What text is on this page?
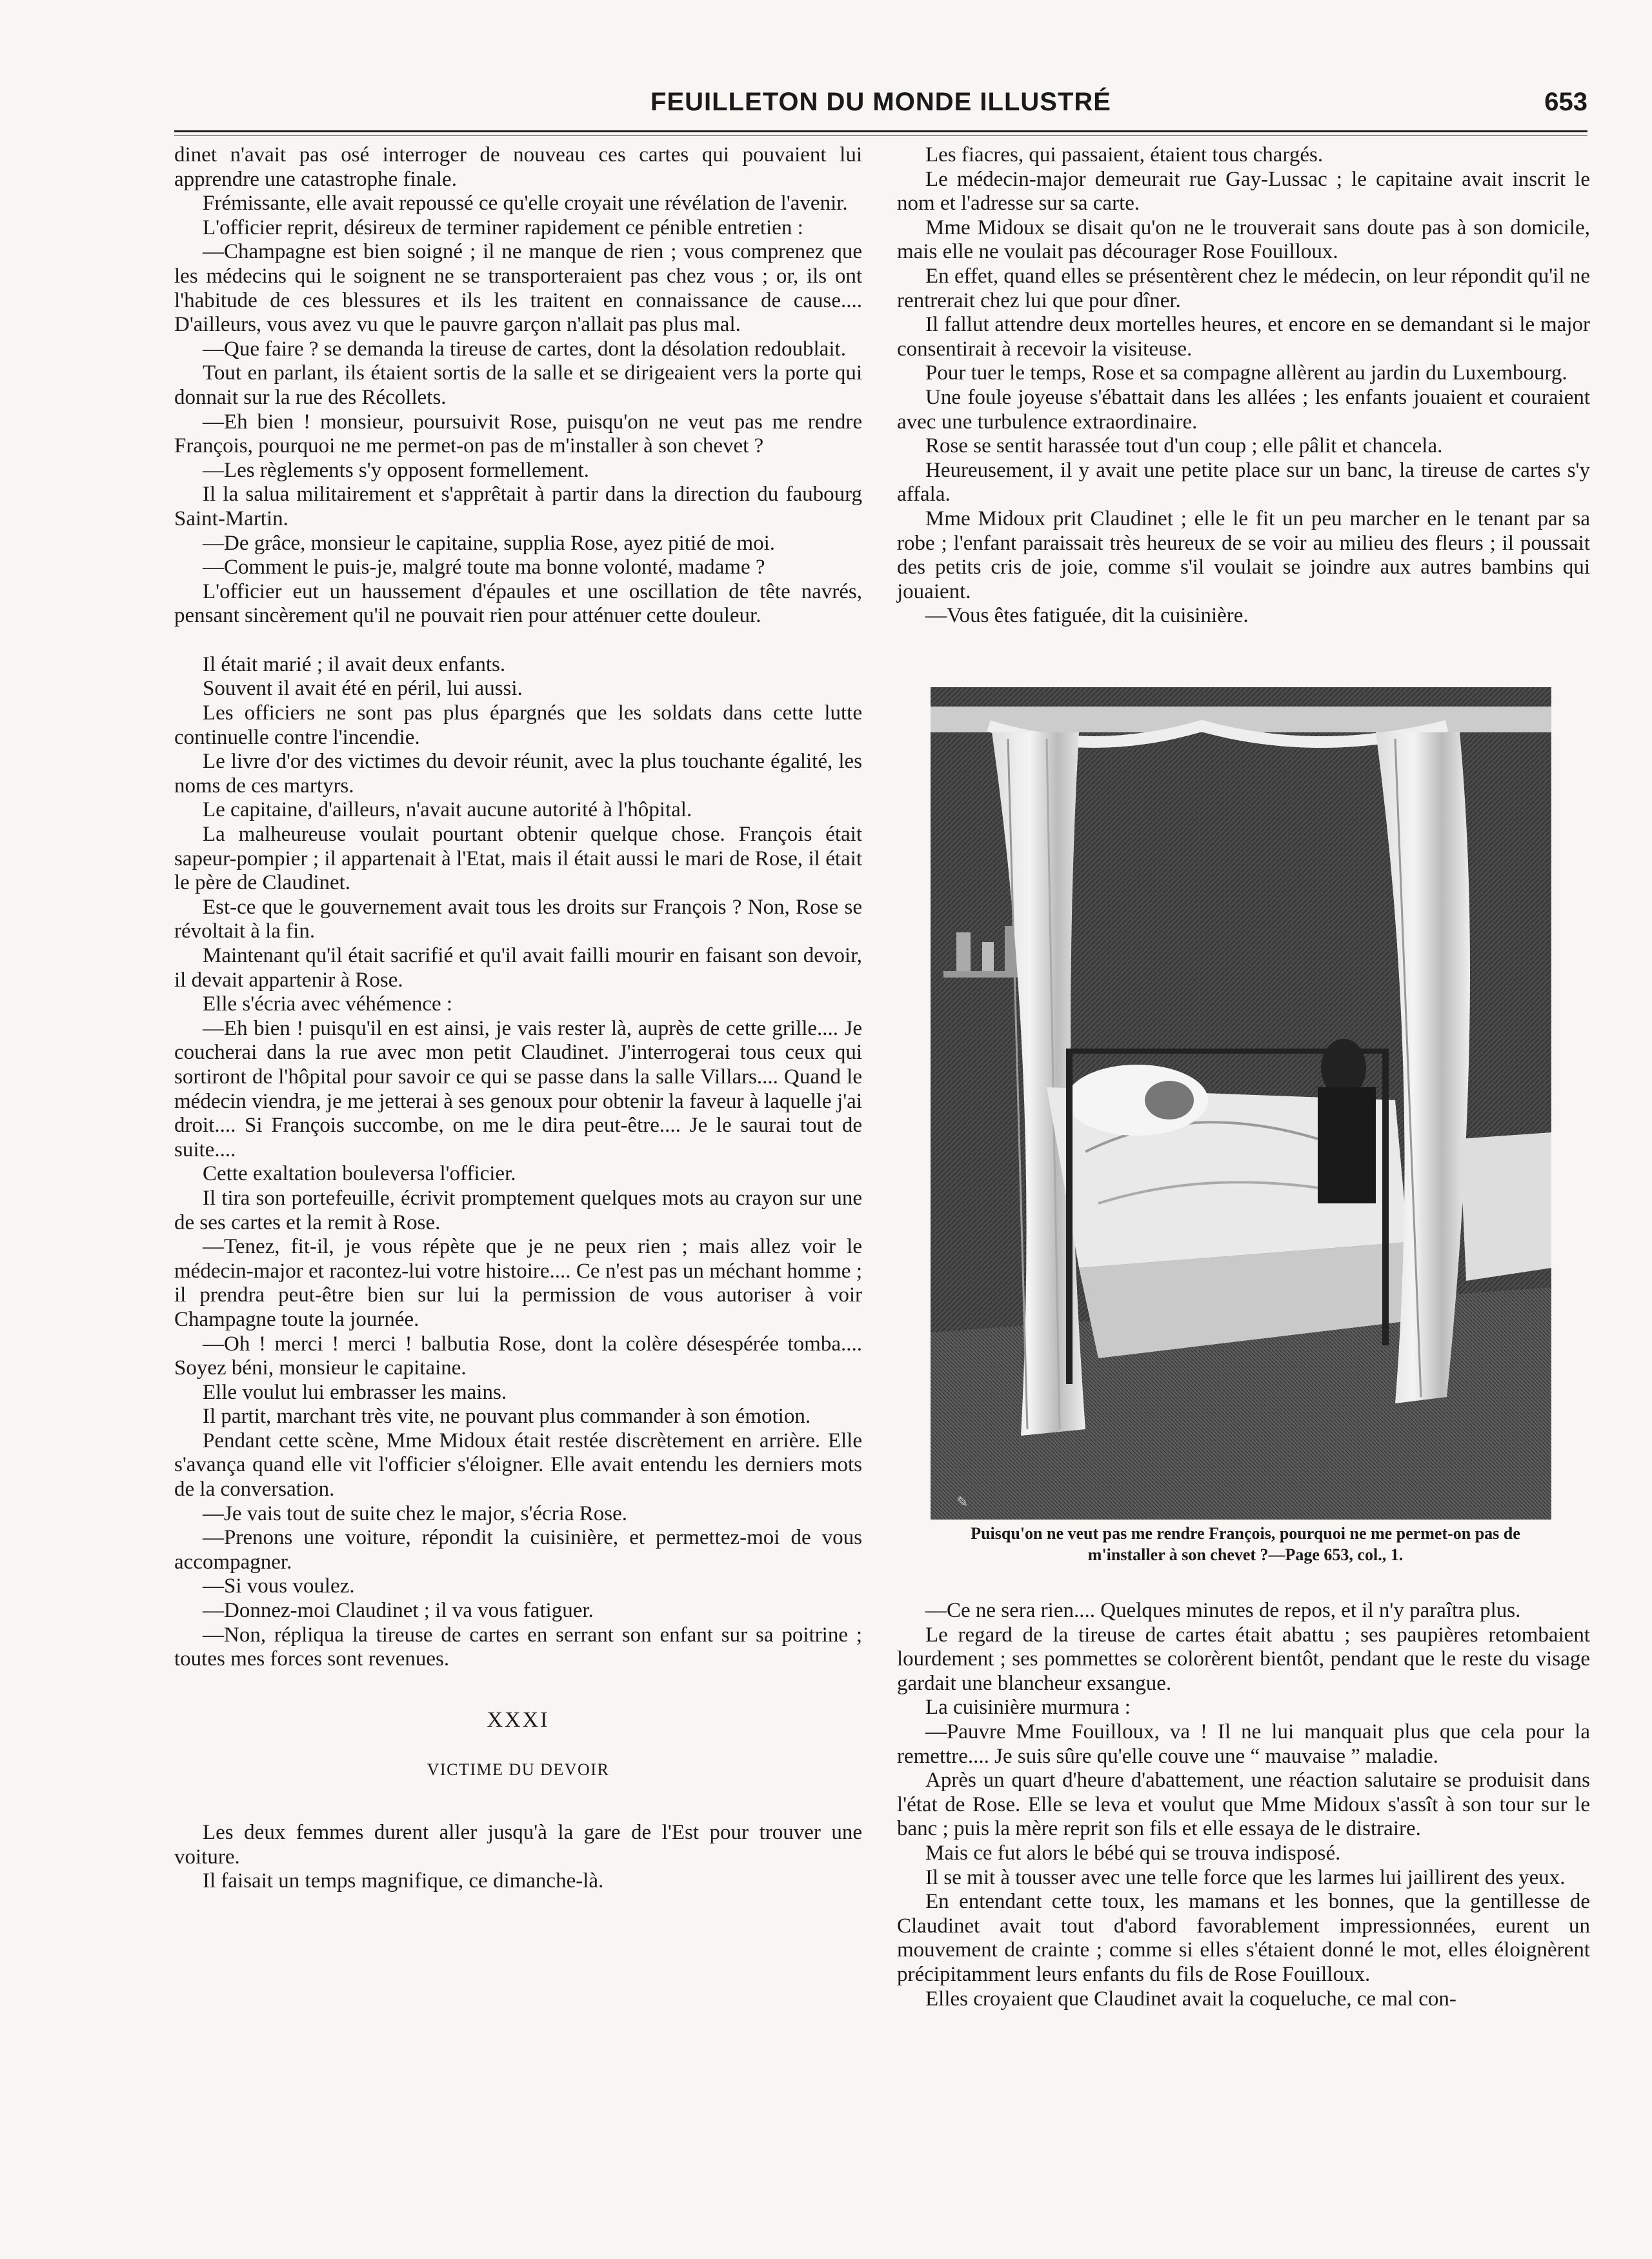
FEUILLETON DU MONDE ILLUSTRÉ	653

dinet n'avait pas osé interroger de nouveau ces cartes qui pouvaient lui apprendre une catastrophe finale.

Frémissante, elle avait repoussé ce qu'elle croyait une révélation de l'avenir.

L'officier reprit, désireux de terminer rapidement ce pénible entretien :

—Champagne est bien soigné ; il ne manque de rien ; vous comprenez que les médecins qui le soignent ne se transporteraient pas chez vous ; or, ils ont l'habitude de ces blessures et ils les traitent en connaissance de cause.... D'ailleurs, vous avez vu que le pauvre garçon n'allait pas plus mal.

—Que faire ? se demanda la tireuse de cartes, dont la désolation redoublait.

Tout en parlant, ils étaient sortis de la salle et se dirigeaient vers la porte qui donnait sur la rue des Récollets.

—Eh bien ! monsieur, poursuivit Rose, puisqu'on ne veut pas me rendre François, pourquoi ne me permet-on pas de m'installer à son chevet ?

—Les règlements s'y opposent formellement.

Il la salua militairement et s'apprêtait à partir dans la direction du faubourg Saint-Martin.

—De grâce, monsieur le capitaine, supplia Rose, ayez pitié de moi.

—Comment le puis-je, malgré toute ma bonne volonté, madame ?

L'officier eut un haussement d'épaules et une oscillation de tête navrés, pensant sincèrement qu'il ne pouvait rien pour atténuer cette douleur.

Il était marié ; il avait deux enfants.

Souvent il avait été en péril, lui aussi.

Les officiers ne sont pas plus épargnés que les soldats dans cette lutte continuelle contre l'incendie.

Le livre d'or des victimes du devoir réunit, avec la plus touchante égalité, les noms de ces martyrs.

Le capitaine, d'ailleurs, n'avait aucune autorité à l'hôpital.

La malheureuse voulait pourtant obtenir quelque chose. François était sapeur-pompier ; il appartenait à l'Etat, mais il était aussi le mari de Rose, il était le père de Claudinet.

Est-ce que le gouvernement avait tous les droits sur François ? Non, Rose se révoltait à la fin.

Maintenant qu'il était sacrifié et qu'il avait failli mourir en faisant son devoir, il devait appartenir à Rose.

Elle s'écria avec véhémence :

—Eh bien ! puisqu'il en est ainsi, je vais rester là, auprès de cette grille.... Je coucherai dans la rue avec mon petit Claudinet. J'interrogerai tous ceux qui sortiront de l'hôpital pour savoir ce qui se passe dans la salle Villars.... Quand le médecin viendra, je me jetterai à ses genoux pour obtenir la faveur à laquelle j'ai droit.... Si François succombe, on me le dira peut-être.... Je le saurai tout de suite....

Cette exaltation bouleversa l'officier.

Il tira son portefeuille, écrivit promptement quelques mots au crayon sur une de ses cartes et la remit à Rose.

—Tenez, fit-il, je vous répète que je ne peux rien ; mais allez voir le médecin-major et racontez-lui votre histoire.... Ce n'est pas un méchant homme ; il prendra peut-être bien sur lui la permission de vous autoriser à voir Champagne toute la journée.

—Oh ! merci ! merci ! balbutia Rose, dont la colère désespérée tomba.... Soyez béni, monsieur le capitaine.

Elle voulut lui embrasser les mains.

Il partit, marchant très vite, ne pouvant plus commander à son émotion.

Pendant cette scène, Mme Midoux était restée discrètement en arrière. Elle s'avança quand elle vit l'officier s'éloigner. Elle avait entendu les derniers mots de la conversation.

—Je vais tout de suite chez le major, s'écria Rose.

—Prenons une voiture, répondit la cuisinière, et permettez-moi de vous accompagner.

—Si vous voulez.

—Donnez-moi Claudinet ; il va vous fatiguer.

—Non, répliqua la tireuse de cartes en serrant son enfant sur sa poitrine ; toutes mes forces sont revenues.

XXXI

VICTIME DU DEVOIR

Les deux femmes durent aller jusqu'à la gare de l'Est pour trouver une voiture.

Il faisait un temps magnifique, ce dimanche-là.

Les fiacres, qui passaient, étaient tous chargés.

Le médecin-major demeurait rue Gay-Lussac ; le capitaine avait inscrit le nom et l'adresse sur sa carte.

Mme Midoux se disait qu'on ne le trouverait sans doute pas à son domicile, mais elle ne voulait pas décourager Rose Fouilloux.

En effet, quand elles se présentèrent chez le médecin, on leur répondit qu'il ne rentrerait chez lui que pour dîner.

Il fallut attendre deux mortelles heures, et encore en se demandant si le major consentirait à recevoir la visiteuse.

Pour tuer le temps, Rose et sa compagne allèrent au jardin du Luxembourg.

Une foule joyeuse s'ébattait dans les allées ; les enfants jouaient et couraient avec une turbulence extraordinaire.

Rose se sentit harassée tout d'un coup ; elle pâlit et chancela.

Heureusement, il y avait une petite place sur un banc, la tireuse de cartes s'y affala.

Mme Midoux prit Claudinet ; elle le fit un peu marcher en le tenant par sa robe ; l'enfant paraissait très heureux de se voir au milieu des fleurs ; il poussait des petits cris de joie, comme s'il voulait se joindre aux autres bambins qui jouaient.

—Vous êtes fatiguée, dit la cuisinière.

✎
Puisqu'on ne veut pas me rendre François, pourquoi ne me permet-on pas de
m'installer à son chevet ?—Page 653, col., 1.

—Ce ne sera rien.... Quelques minutes de repos, et il n'y paraîtra plus.

Le regard de la tireuse de cartes était abattu ; ses paupières retombaient lourdement ; ses pommettes se colorèrent bientôt, pendant que le reste du visage gardait une blancheur exsangue.

La cuisinière murmura :

—Pauvre Mme Fouilloux, va ! Il ne lui manquait plus que cela pour la remettre.... Je suis sûre qu'elle couve une “ mauvaise ” maladie.

Après un quart d'heure d'abattement, une réaction salutaire se produisit dans l'état de Rose. Elle se leva et voulut que Mme Midoux s'assît à son tour sur le banc ; puis la mère reprit son fils et elle essaya de le distraire.

Mais ce fut alors le bébé qui se trouva indisposé.

Il se mit à tousser avec une telle force que les larmes lui jaillirent des yeux.

En entendant cette toux, les mamans et les bonnes, que la gentillesse de Claudinet avait tout d'abord favorablement impressionnées, eurent un mouvement de crainte ; comme si elles s'étaient donné le mot, elles éloignèrent précipitamment leurs enfants du fils de Rose Fouilloux.

Elles croyaient que Claudinet avait la coqueluche, ce mal con-
